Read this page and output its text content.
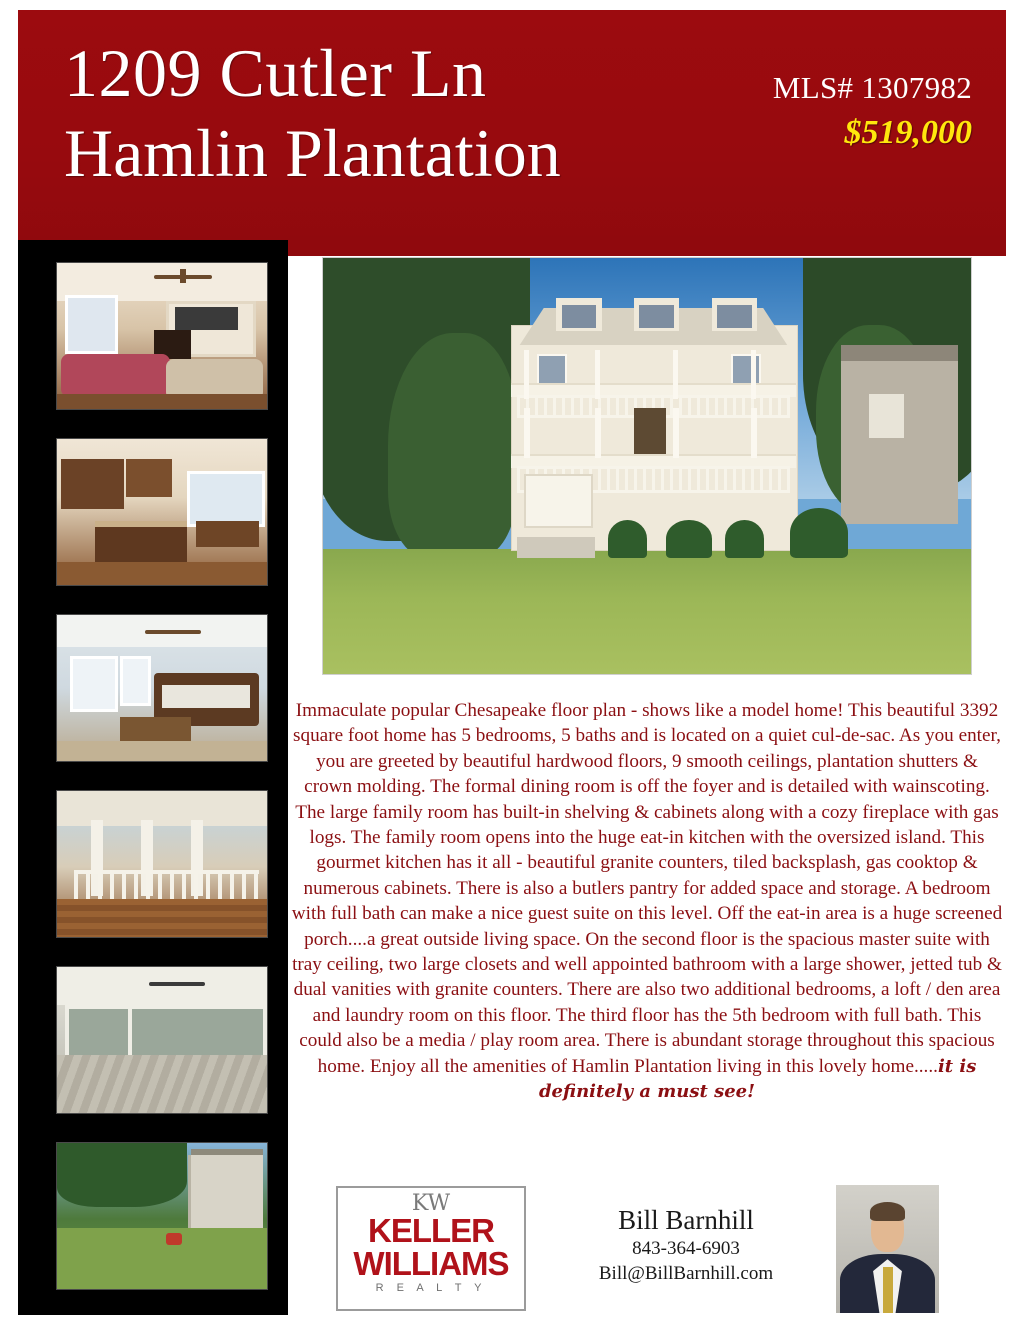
1209 Cutler Ln
Hamlin Plantation
MLS# 1307982
$519,000
Immaculate popular Chesapeake floor plan - shows like a model home! This beautiful 3392 square foot home has 5 bedrooms, 5 baths and is located on a quiet cul-de-sac. As you enter, you are greeted by beautiful hardwood floors, 9 smooth ceilings, plantation shutters & crown molding. The formal dining room is off the foyer and is detailed with wainscoting. The large family room has built-in shelving & cabinets along with a cozy fireplace with gas logs. The family room opens into the huge eat-in kitchen with the oversized island. This gourmet kitchen has it all - beautiful granite counters, tiled backsplash, gas cooktop & numerous cabinets. There is also a butlers pantry for added space and storage. A bedroom with full bath can make a nice guest suite on this level. Off the eat-in area is a huge screened porch....a great outside living space. On the second floor is the spacious master suite with tray ceiling, two large closets and well appointed bathroom with a large shower, jetted tub & dual vanities with granite counters. There are also two additional bedrooms, a loft / den area and laundry room on this floor. The third floor has the 5th bedroom with full bath. This could also be a media / play room area. There is abundant storage throughout this spacious home. Enjoy all the amenities of Hamlin Plantation living in this lovely home.....it is definitely a must see!
KW
KELLER
WILLIAMS
R E A L T Y
Bill Barnhill
843-364-6903
Bill@BillBarnhill.com
